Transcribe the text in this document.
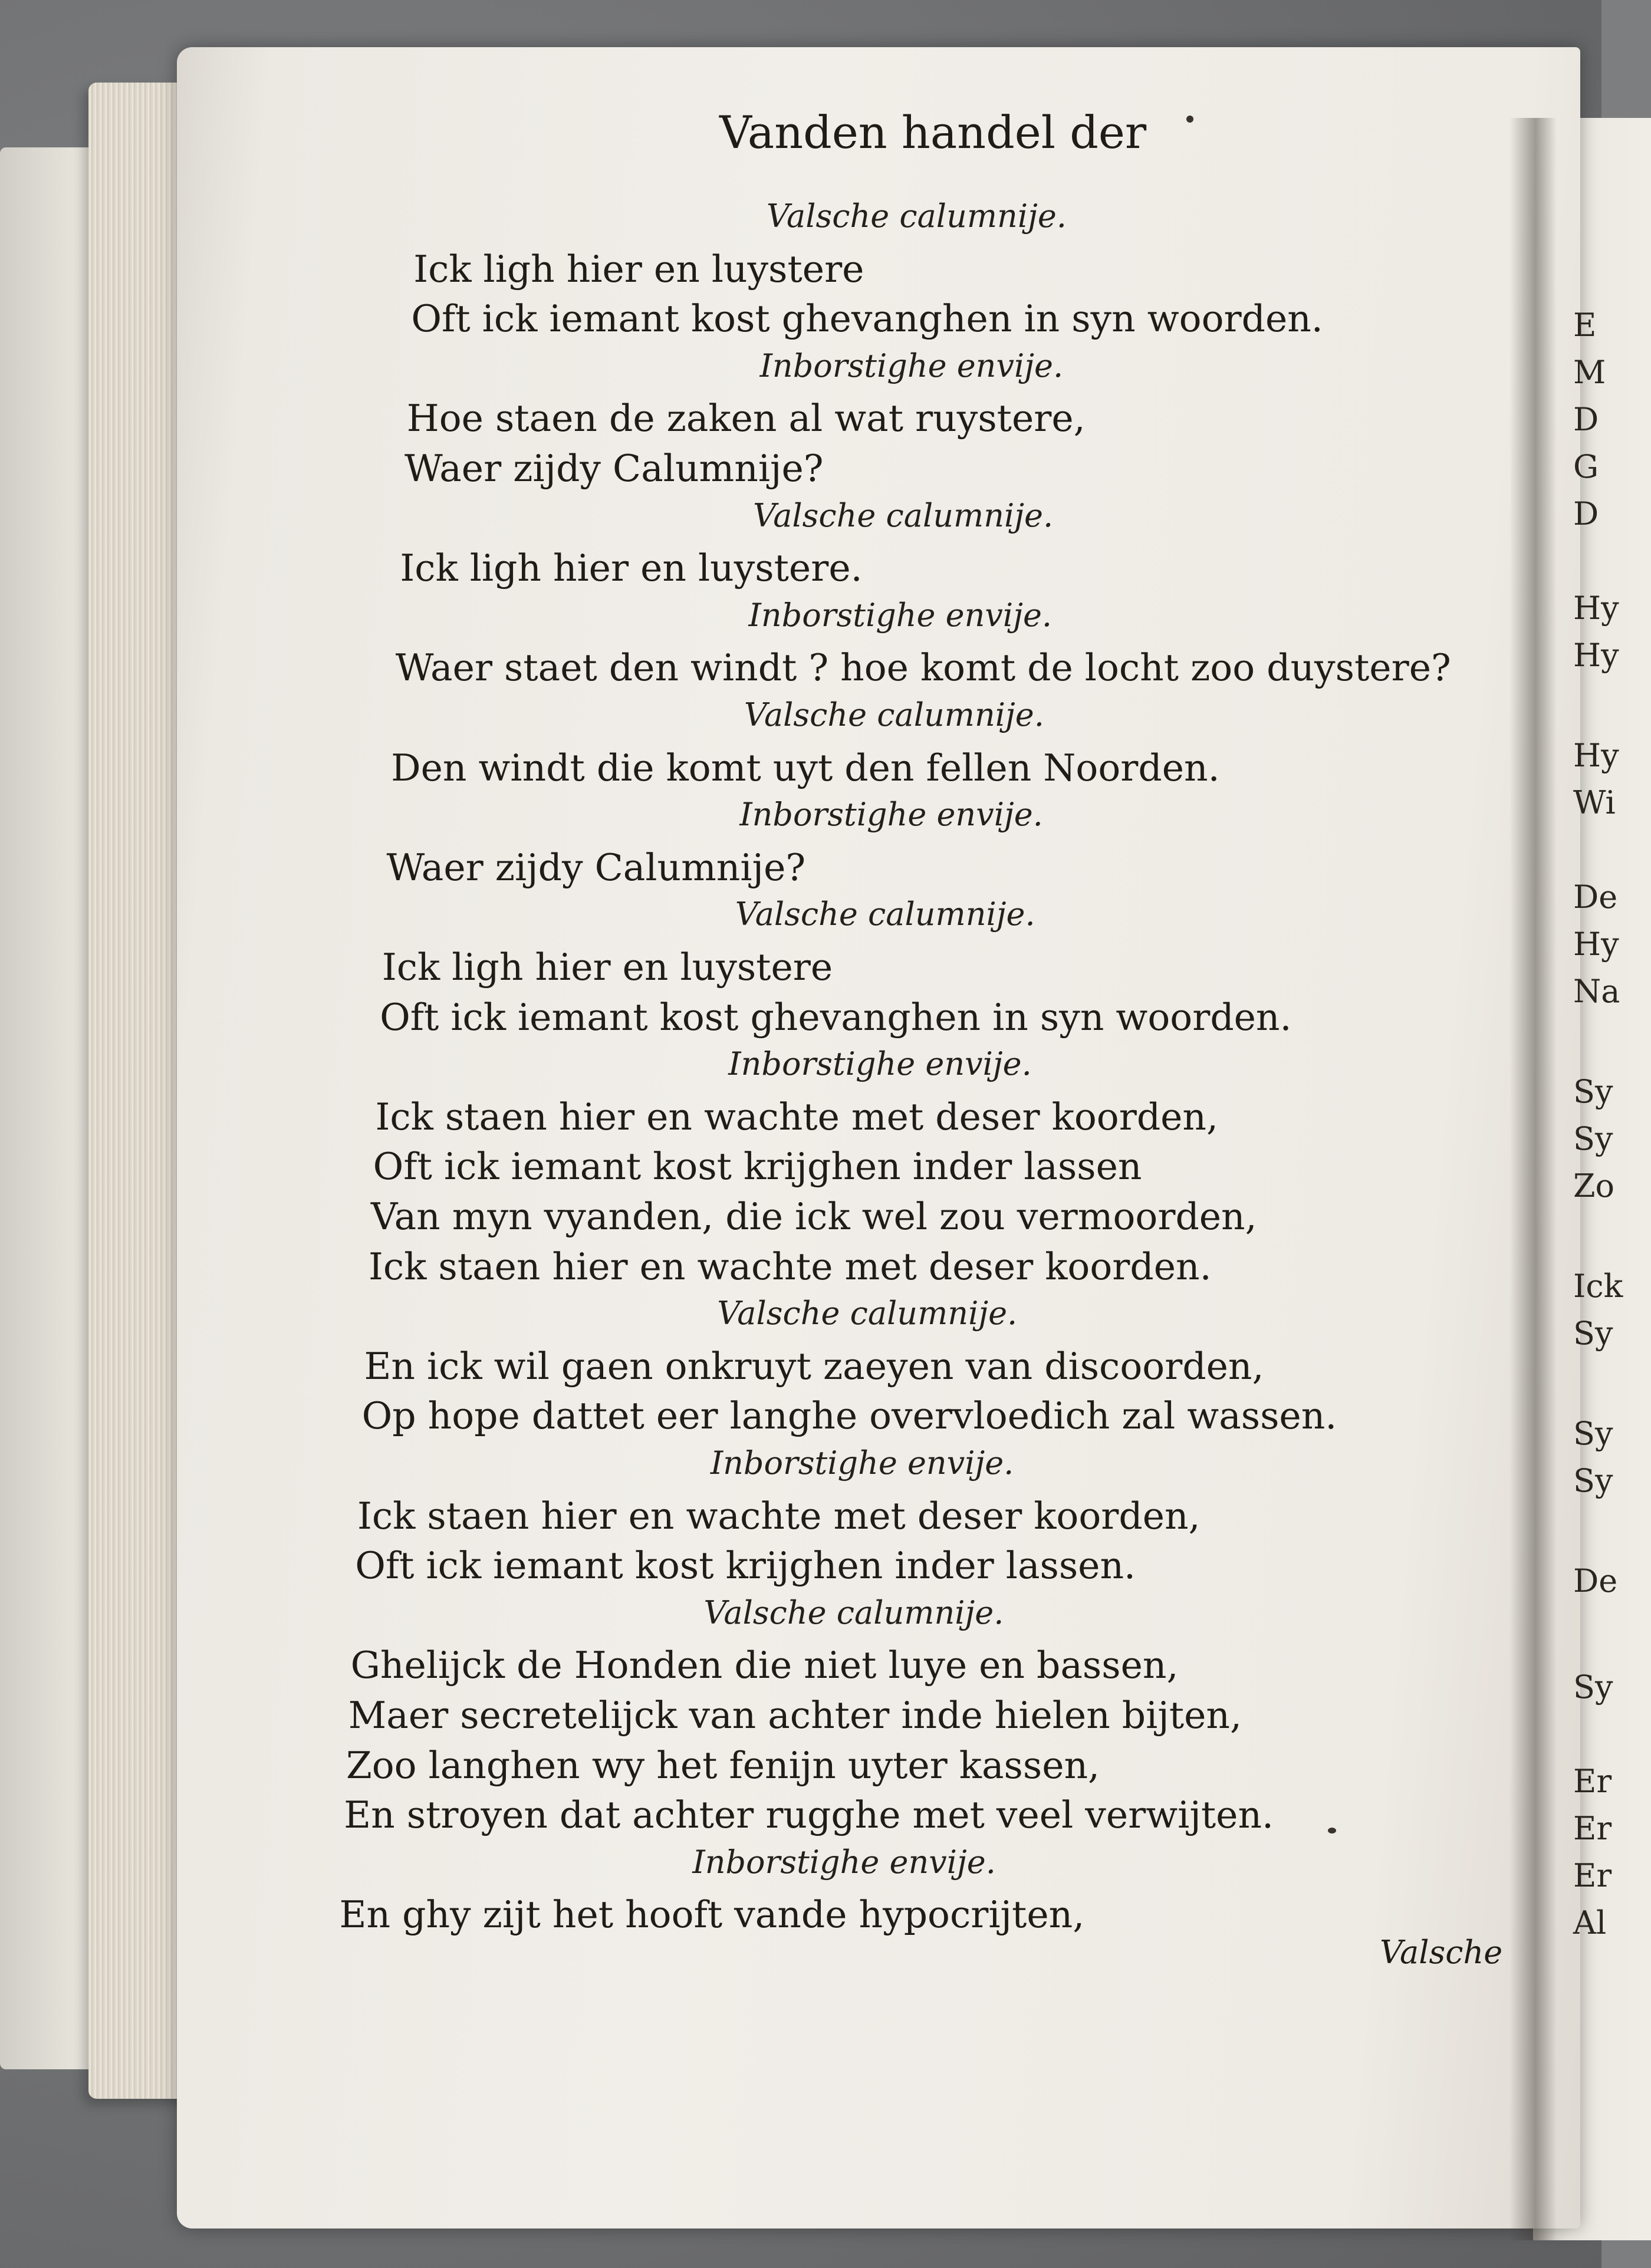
Vanden handel der
Valsche calumnije.
Ick ligh hier en luystere
Oft ick iemant kost ghevanghen in syn woorden.
Inborstighe envije.
Hoe staen de zaken al wat ruystere,
Waer zijdy Calumnije?
Valsche calumnije.
Ick ligh hier en luystere.
Inborstighe envije.
Waer staet den windt ? hoe komt de locht zoo duystere?
Valsche calumnije.
Den windt die komt uyt den fellen Noorden.
Inborstighe envije.
Waer zijdy Calumnije?
Valsche calumnije.
Ick ligh hier en luystere
Oft ick iemant kost ghevanghen in syn woorden.
Inborstighe envije.
Ick staen hier en wachte met deser koorden,
Oft ick iemant kost krijghen inder lassen
Van myn vyanden, die ick wel zou vermoorden,
Ick staen hier en wachte met deser koorden.
Valsche calumnije.
En ick wil gaen onkruyt zaeyen van discoorden,
Op hope dattet eer langhe overvloedich zal wassen.
Inborstighe envije.
Ick staen hier en wachte met deser koorden,
Oft ick iemant kost krijghen inder lassen.
Valsche calumnije.
Ghelijck de Honden die niet luye en bassen,
Maer secretelijck van achter inde hielen bijten,
Zoo langhen wy het fenijn uyter kassen,
En stroyen dat achter rugghe met veel verwijten.
Inborstighe envije.
En ghy zijt het hooft vande hypocrijten,
Valsche
E
M
D
G
D
Hy
Hy
Hy
Wi
De
Hy
Na
Sy
Sy
Zo
Ick
Sy
Sy
Sy
De
Sy
Er
Er
Er
Al
